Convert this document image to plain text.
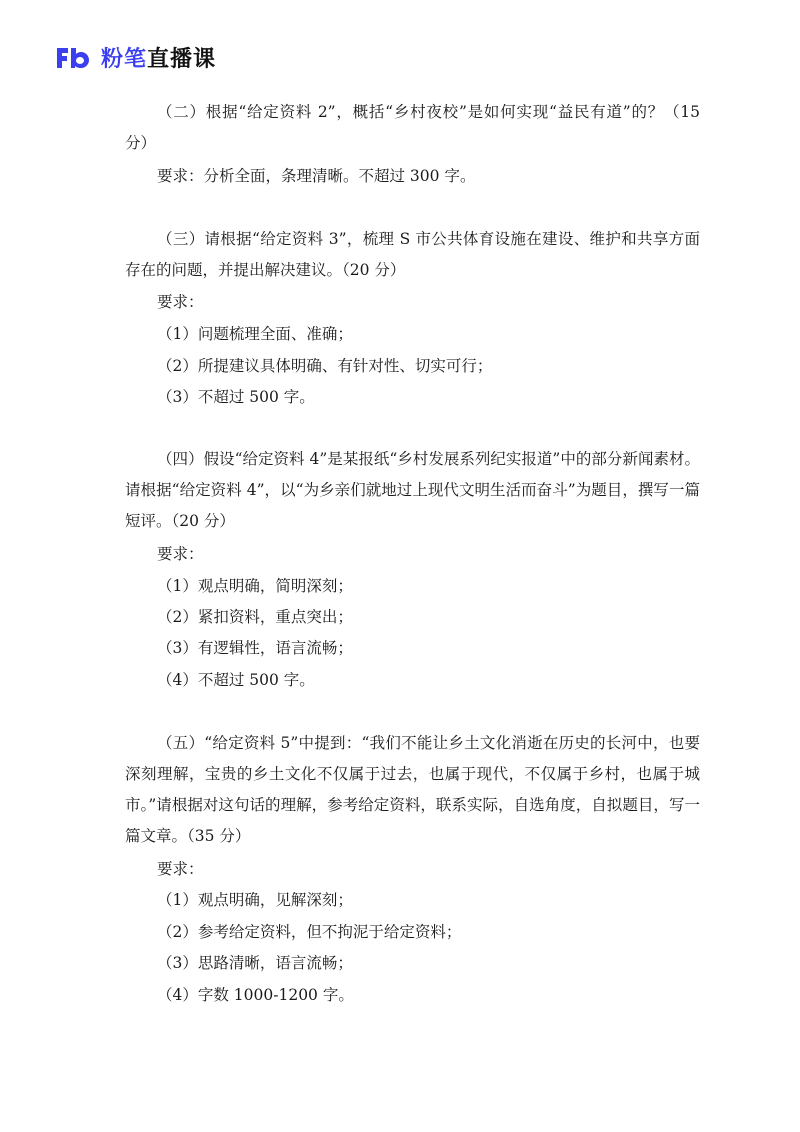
粉笔直播课
（二）根据“给定资料 2”，概括“乡村夜校”是如何实现“益民有道”的？（15 分）
要求：分析全面，条理清晰。不超过 300 字。
（三）请根据“给定资料 3”，梳理 S 市公共体育设施在建设、维护和共享方面存在的问题，并提出解决建议。（20 分）
要求：
（1）问题梳理全面、准确；
（2）所提建议具体明确、有针对性、切实可行；
（3）不超过 500 字。
（四）假设“给定资料 4”是某报纸“乡村发展系列纪实报道”中的部分新闻素材。请根据“给定资料 4”，以“为乡亲们就地过上现代文明生活而奋斗”为题目，撰写一篇短评。（20 分）
要求：
（1）观点明确，简明深刻；
（2）紧扣资料，重点突出；
（3）有逻辑性，语言流畅；
（4）不超过 500 字。
（五）“给定资料 5”中提到：“我们不能让乡土文化消逝在历史的长河中，也要深刻理解，宝贵的乡土文化不仅属于过去，也属于现代，不仅属于乡村，也属于城市。”请根据对这句话的理解，参考给定资料，联系实际，自选角度，自拟题目，写一篇文章。（35 分）
要求：
（1）观点明确，见解深刻；
（2）参考给定资料，但不拘泥于给定资料；
（3）思路清晰，语言流畅；
（4）字数 1000-1200 字。
